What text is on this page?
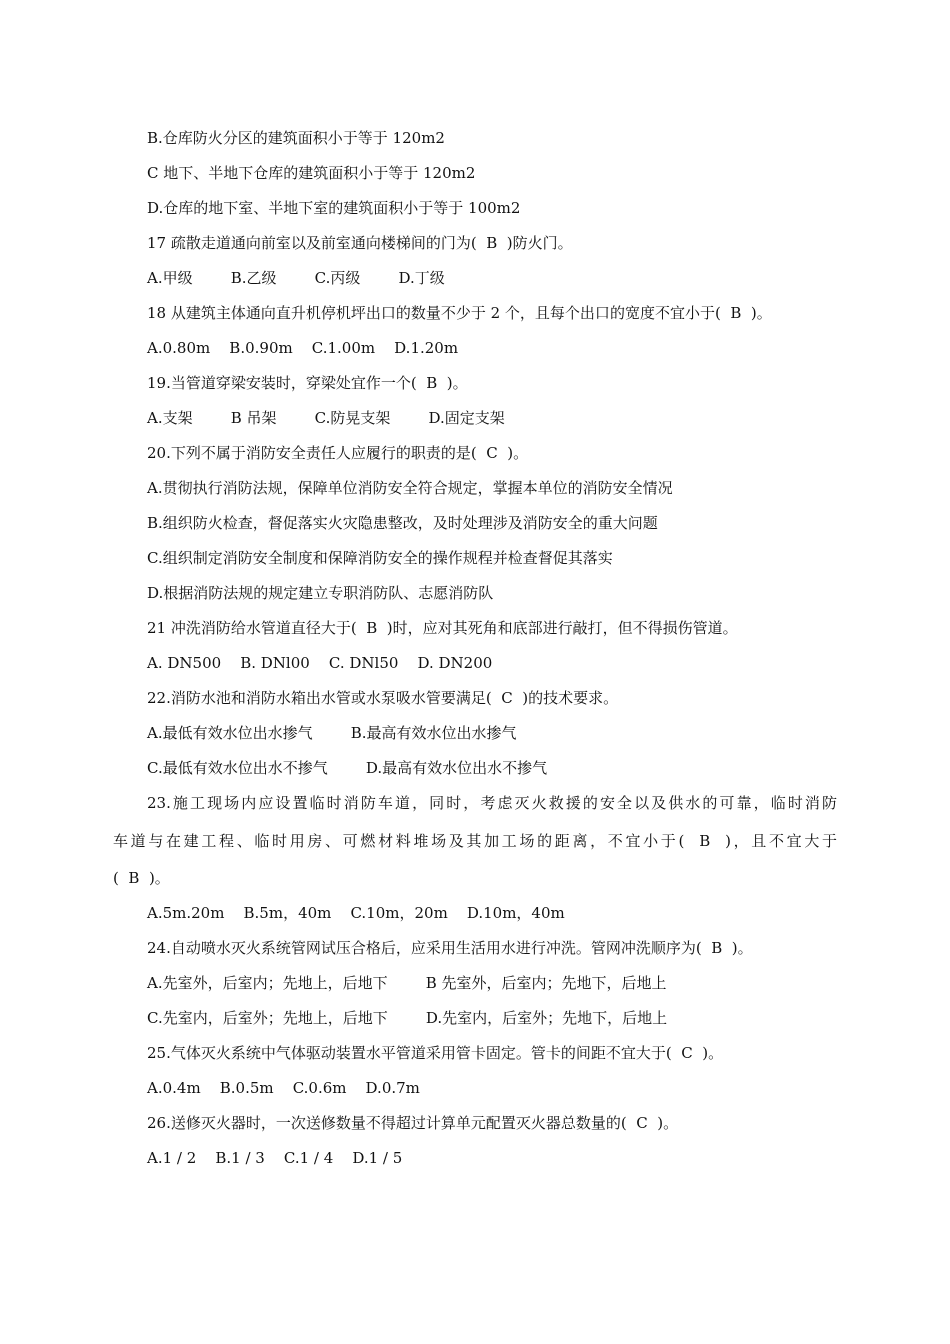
B.仓库防火分区的建筑面积小于等于 120m2
C 地下、半地下仓库的建筑面积小于等于 120m2
D.仓库的地下室、半地下室的建筑面积小于等于 100m2
17 疏散走道通向前室以及前室通向楼梯间的门为(  B  )防火门。
A.甲级        B.乙级        C.丙级        D.丁级
18 从建筑主体通向直升机停机坪出口的数量不少于 2 个，且每个出口的宽度不宜小于(  B  )。
A.0.80m    B.0.90m    C.1.00m    D.1.20m
19.当管道穿梁安装时，穿梁处宜作一个(  B  )。
A.支架        B 吊架        C.防晃支架        D.固定支架
20.下列不属于消防安全责任人应履行的职责的是(  C  )。
A.贯彻执行消防法规，保障单位消防安全符合规定，掌握本单位的消防安全情况
B.组织防火检查，督促落实火灾隐患整改，及时处理涉及消防安全的重大问题
C.组织制定消防安全制度和保障消防安全的操作规程并检查督促其落实
D.根据消防法规的规定建立专职消防队、志愿消防队
21 冲洗消防给水管道直径大于(  B  )时，应对其死角和底部进行敲打，但不得损伤管道。
A. DN500    B. DNl00    C. DNl50    D. DN200
22.消防水池和消防水箱出水管或水泵吸水管要满足(  C  )的技术要求。
A.最低有效水位出水掺气        B.最高有效水位出水掺气
C.最低有效水位出水不掺气        D.最高有效水位出水不掺气
23.施工现场内应设置临时消防车道，同时，考虑灭火救援的安全以及供水的可靠，临时消防
车道与在建工程、临时用房、可燃材料堆场及其加工场的距离，不宜小于(  B  )，且不宜大于
(  B  )。
A.5m.20m    B.5m，40m    C.10m，20m    D.10m，40m
24.自动喷水灭火系统管网试压合格后，应采用生活用水进行冲洗。管网冲洗顺序为(  B  )。
A.先室外，后室内；先地上，后地下        B 先室外，后室内；先地下，后地上
C.先室内，后室外；先地上，后地下        D.先室内，后室外；先地下，后地上
25.气体灭火系统中气体驱动装置水平管道采用管卡固定。管卡的间距不宜大于(  C  )。
A.0.4m    B.0.5m    C.0.6m    D.0.7m
26.送修灭火器时，一次送修数量不得超过计算单元配置灭火器总数量的(  C  )。
A.1 / 2    B.1 / 3    C.1 / 4    D.1 / 5
